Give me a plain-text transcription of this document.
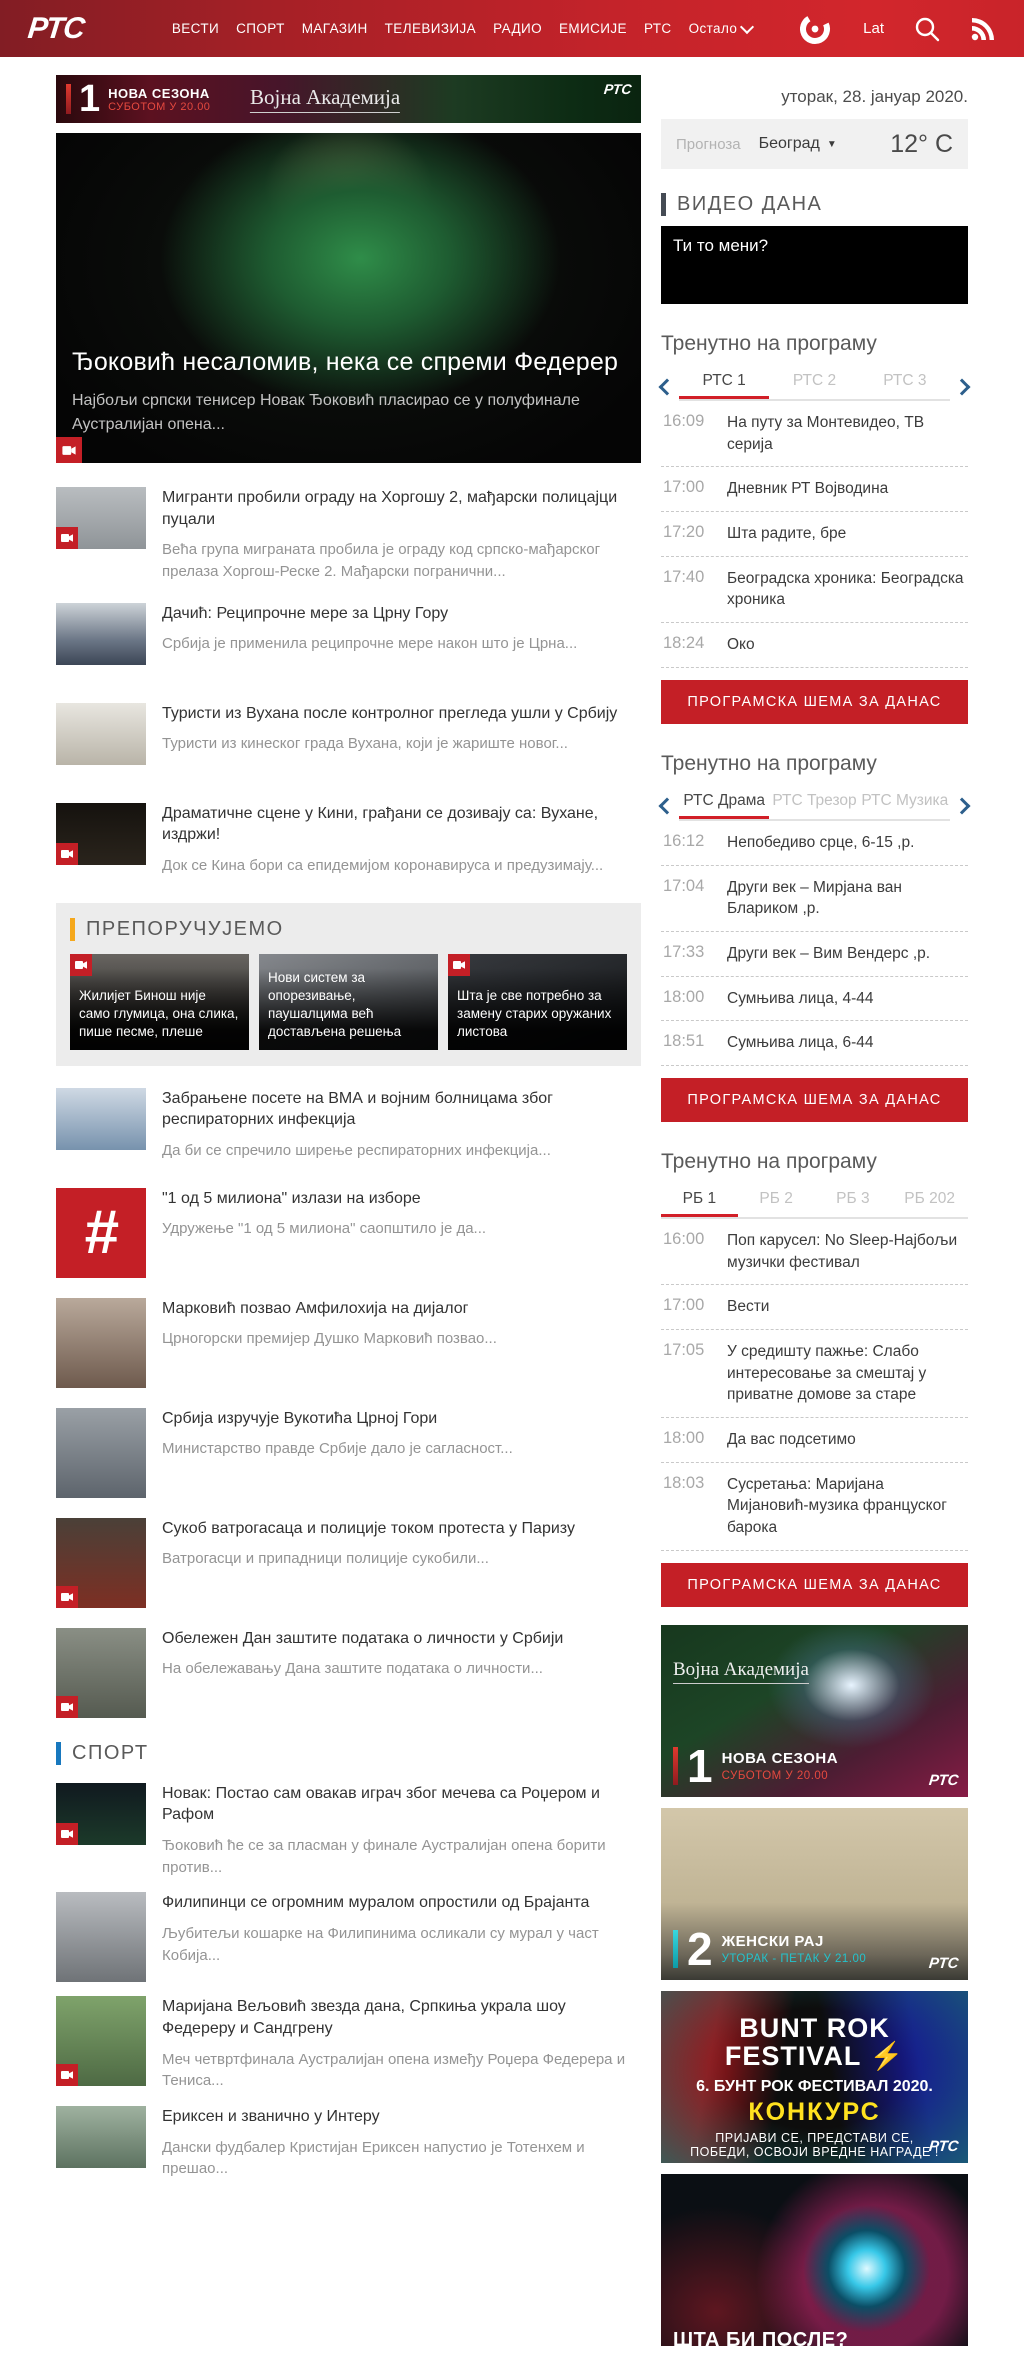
РТС	ВЕСТИ СПОРТ МАГАЗИН ТЕЛЕВИЗИЈА РАДИО ЕМИСИЈЕ РТС Остало	Lat
1 НОВА СЕЗОНА
СУБОТОМ У 20.00 Војна Академија	РТС
Ђоковић несаломив, нека се спреми Федерер

Најбољи српски тенисер Новак Ђоковић пласирао се у полуфинале Аустралијан опена...

Мигранти пробили ограду на Хоргошу 2, мађарски полицајци пуцали

Већа група миграната пробила је ограду код српско-мађарског прелаза Хоргош-Реске 2. Мађарски погранични...

Дачић: Реципрочне мере за Црну Гору

Србија је применила реципрочне мере након што је Црна...

Туристи из Вухана после контролног прегледа ушли у Србију

Туристи из кинеског града Вухана, који је жариште новог...

Драматичне сцене у Кини, грађани се дозивају са: Вухане, издржи!

Док се Кина бори са епидемијом коронавируса и предузимају...

ПРЕПОРУЧУЈЕМО
Жилијет Бинош није само глумица, она слика, пише песме, плеше
Нови систем за опорезивање, паушалцима већ достављена решења
Шта је све потребно за замену старих оружаних листова
Забрањене посете на ВМА и војним болницама због респираторних инфекција

Да би се спречило ширење респираторних инфекција...

#	"1 од 5 милиона" излази на изборе

Удружење "1 од 5 милиона" саопштило је да...

Марковић позвао Амфилохија на дијалог

Црногорски премијер Душко Марковић позвао...

Србија изручује Вукотића Црној Гори

Министарство правде Србије дало је сагласност...

Сукоб ватрогасаца и полиције током протеста у Паризу

Ватрогасци и припадници полиције сукобили...

Обележен Дан заштите података о личности у Србији

На обележавању Дана заштите података о личности...

СПОРТ
Новак: Постао сам овакав играч због мечева са Роџером и Рафом

Ђоковић ће се за пласман у финале Аустралијан опена борити против...

Филипинци се огромним муралом опростили од Брајанта

Љубитељи кошарке на Филипинима осликали су мурал у част Кобија...

Маријана Вељовић звезда дана, Српкиња украла шоу Федереру и Сандгрену

Меч четвртфинала Аустралијан опена између Роџера Федерера и Тениса...

Ериксен и званично у Интеру

Дански фудбалер Кристијан Ериксен напустио је Тотенхем и прешао...

уторак, 28. јануар 2020.
Прогноза Београд ▼ 12° C
ВИДЕО ДАНА
Ти то мени?
Тренутно на програму
РТС 1	РТС 2	РТС 3
16:09	На путу за Монтевидео, ТВ серија
17:00	Дневник РТ Војводина
17:20	Шта радите, бре
17:40	Београдска хроника: Београдска хроника
18:24	Око
ПРОГРАМСКА ШЕМА ЗА ДАНАС
Тренутно на програму
РТС Драма РТС Трезор РТС Музика
16:12	Непобедиво срце, 6-15 ,р.
17:04	Други век – Мирјана ван Блариком ,р.
17:33	Други век – Вим Вендерс ,р.
18:00	Сумњива лица, 4-44
18:51	Сумњива лица, 6-44
ПРОГРАМСКА ШЕМА ЗА ДАНАС
Тренутно на програму
РБ 1	РБ 2	РБ 3	РБ 202
16:00	Поп карусел: No Sleep-Најбољи музички фестивал
17:00	Вести
17:05	У средишту пажње: Слабо интересовање за смештај у приватне домове за старе
18:00	Да вас подсетимо
18:03	Сусретања: Маријана Мијановић-музика француског барока
ПРОГРАМСКА ШЕМА ЗА ДАНАС
Војна Академија
1 НОВА СЕЗОНА
СУБОТОМ У 20.00	РТС
2 ЖЕНСКИ РАЈ
УТОРАК - ПЕТАК У 21.00	РТС
BUNT ROK
FESTIVAL ⚡
6. БУНТ РОК ФЕСТИВАЛ 2020.
КОНКУРС
ПРИЈАВИ СЕ, ПРЕДСТАВИ СЕ,
ПОБЕДИ, ОСВОЈИ ВРЕДНЕ НАГРАДЕ !
РТС
ШТА БИ ПОСЛЕ?
